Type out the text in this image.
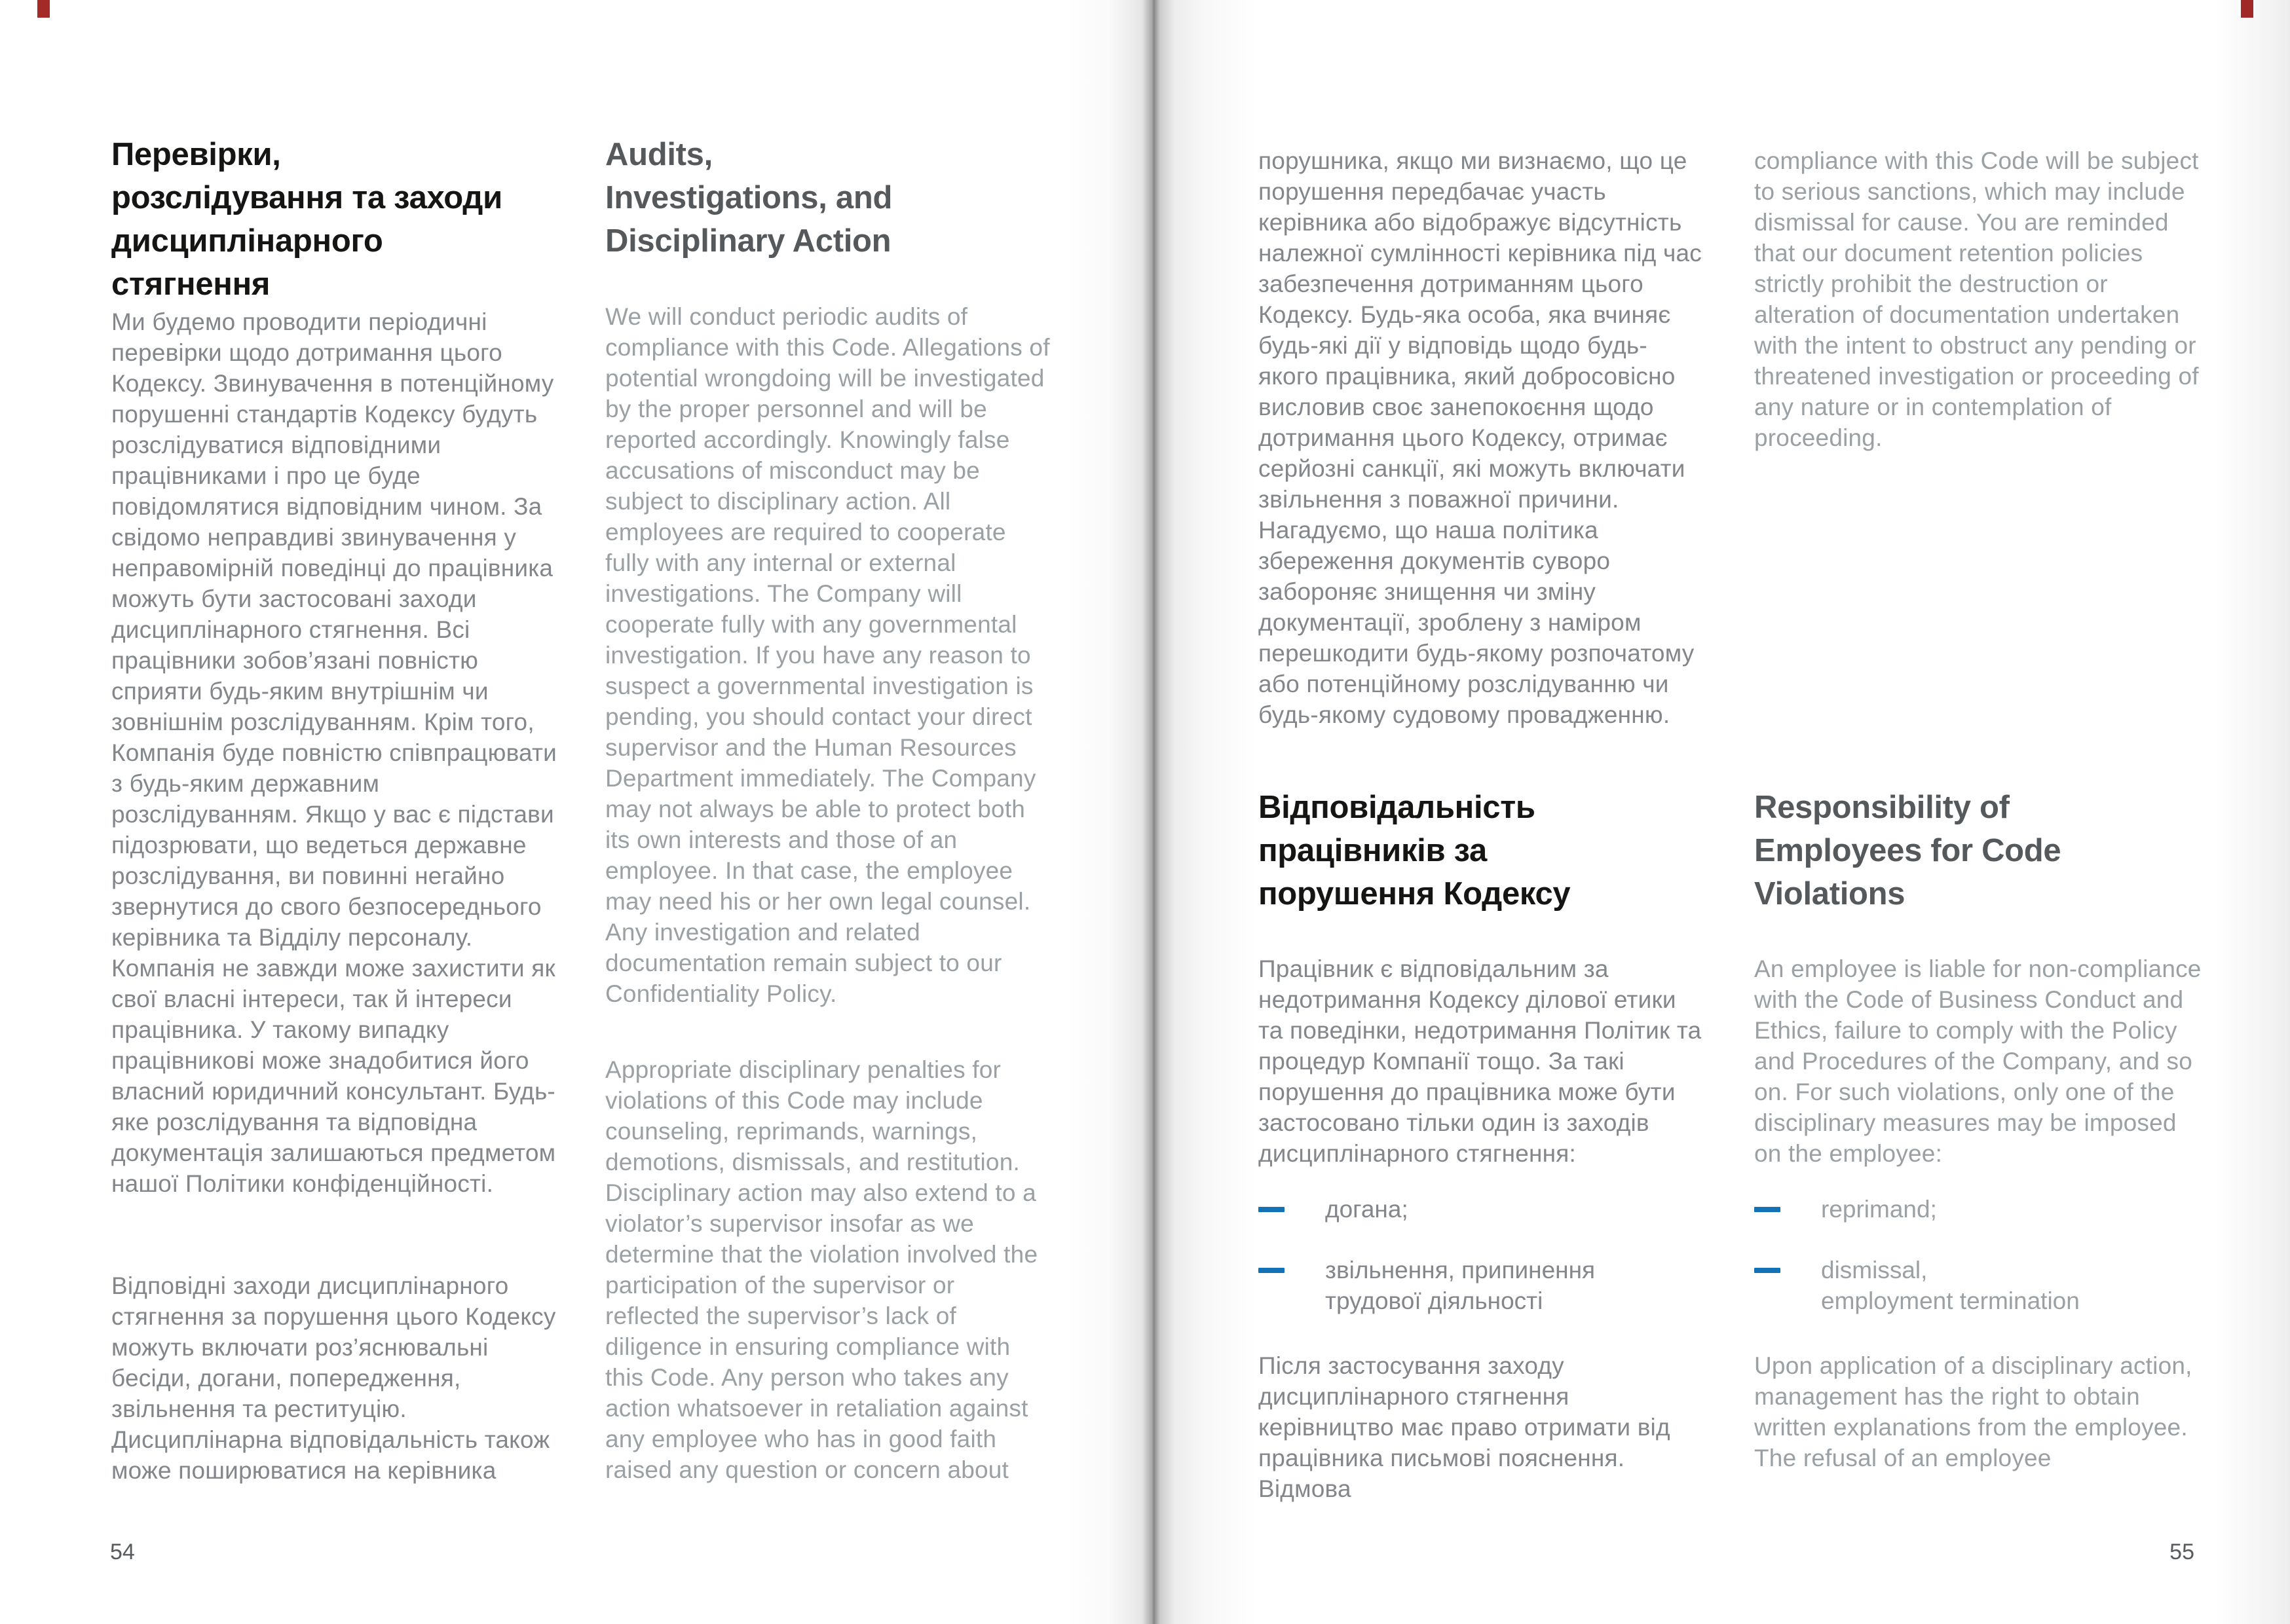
Перевірки,
розслідування та заходи
дисциплінарного
стягнення

Ми будемо проводити періодичні перевірки щодо дотримання цього Кодексу. Звинувачення в потенційному порушенні стандартів Кодексу будуть розслідуватися відповідними працівниками і про це буде повідомлятися відповідним чином. За свідомо неправдиві звинувачення у неправомірній поведінці до працівника можуть бути застосовані заходи дисциплінарного стягнення. Всі працівники зобов’язані повністю сприяти будь-яким внутрішнім чи зовнішнім розслідуванням. Крім того, Компанія буде повністю співпрацювати з будь-яким державним розслідуванням. Якщо у вас є підстави підозрювати, що ведеться державне розслідування, ви повинні негайно звернутися до свого безпосереднього керівника та Відділу персоналу. Компанія не завжди може захистити як свої власні інтереси, так й інтереси працівника. У такому випадку працівникові може знадобитися його власний юридичний консультант. Будь-яке розслідування та відповідна документація залишаються предметом нашої Політики конфіденційності.

Відповідні заходи дисциплінарного стягнення за порушення цього Кодексу можуть включати роз’яснювальні бесіди, догани, попередження, звільнення та реституцію. Дисциплінарна відповідальність також може поширюватися на керівника

Audits,
Investigations, and
Disciplinary Action

We will conduct periodic audits of compliance with this Code. Allegations of potential wrongdoing will be investigated by the proper personnel and will be reported accordingly. Knowingly false accusations of misconduct may be subject to disciplinary action. All employees are required to cooperate fully with any internal or external investigations. The Company will cooperate fully with any governmental investigation. If you have any reason to suspect a governmental investigation is pending, you should contact your direct supervisor and the Human Resources Department immediately. The Company may not always be able to protect both its own interests and those of an employee. In that case, the employee may need his or her own legal counsel. Any investigation and related documentation remain subject to our Confidentiality Policy.

Appropriate disciplinary penalties for violations of this Code may include counseling, reprimands, warnings, demotions, dismissals, and restitution. Disciplinary action may also extend to a violator’s supervisor insofar as we determine that the violation involved the participation of the supervisor or reflected the supervisor’s lack of diligence in ensuring compliance with this Code. Any person who takes any action whatsoever in retaliation against any employee who has in good faith raised any question or concern about

порушника, якщо ми визнаємо, що це порушення передбачає участь керівника або відображує відсутність належної сумлінності керівника під час забезпечення дотриманням цього Кодексу. Будь-яка особа, яка вчиняє будь-які дії у відповідь щодо будь-якого працівника, який добросовісно висловив своє занепокоєння щодо дотримання цього Кодексу, отримає серйозні санкції, які можуть включати звільнення з поважної причини. Нагадуємо, що наша політика збереження документів суворо забороняє знищення чи зміну документації, зроблену з наміром перешкодити будь-якому розпочатому або потенційному розслідуванню чи будь-якому судовому провадженню.

Відповідальність
працівників за
порушення Кодексу

Працівник є відповідальним за недотримання Кодексу ділової етики та поведінки, недотримання Політик та процедур Компанії тощо. За такі порушення до працівника може бути застосовано тільки один із заходів дисциплінарного стягнення:

догана;
звільнення, припинення
трудової діяльності

Після застосування заходу дисциплінарного стягнення керівництво має право отримати від працівника письмові пояснення. Відмова

compliance with this Code will be subject to serious sanctions, which may include dismissal for cause. You are reminded that our document retention policies strictly prohibit the destruction or alteration of documentation undertaken with the intent to obstruct any pending or threatened investigation or proceeding of any nature or in contemplation of proceeding.

Responsibility of
Employees for Code
Violations

An employee is liable for non-compliance with the Code of Business Conduct and Ethics, failure to comply with the Policy and Procedures of the Company, and so on. For such violations, only one of the disciplinary measures may be imposed on the employee:

reprimand;
dismissal,
employment termination

Upon application of a disciplinary action, management has the right to obtain written explanations from the employee. The refusal of an employee

54	55
